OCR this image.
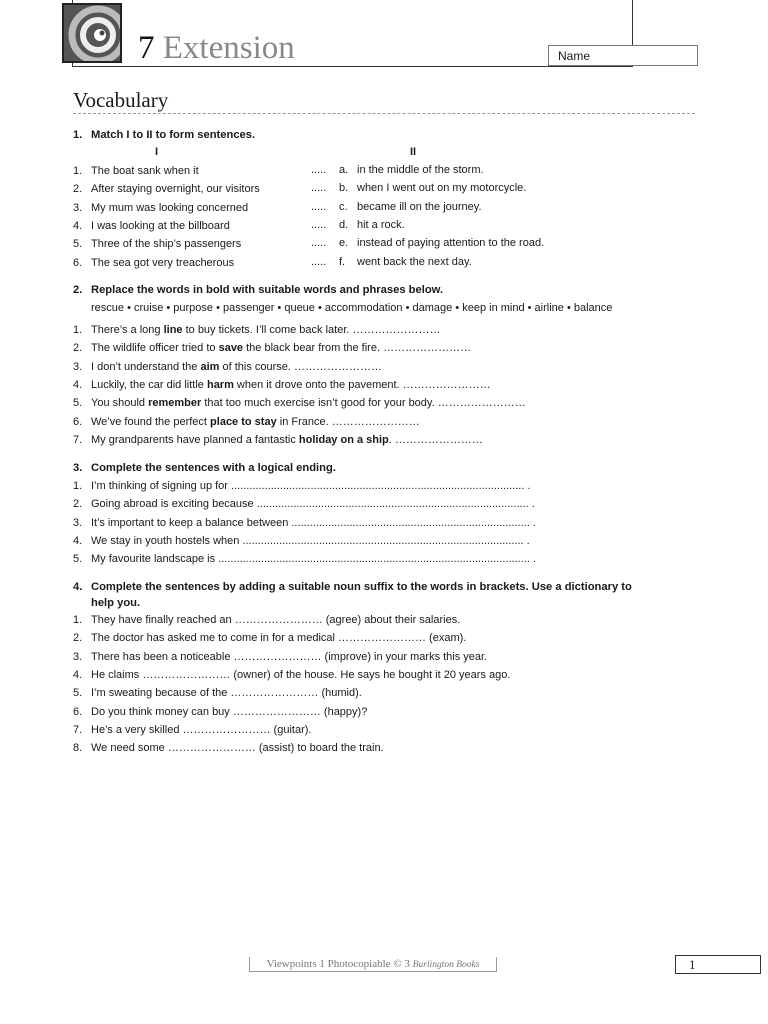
7 Extension	Name
Vocabulary
1. Match I to II to form sentences.
I	II
1. The boat sank when it	..... a. in the middle of the storm.
2. After staying overnight, our visitors	..... b. when I went out on my motorcycle.
3. My mum was looking concerned	..... c. became ill on the journey.
4. I was looking at the billboard	..... d. hit a rock.
5. Three of the ship’s passengers	..... e. instead of paying attention to the road.
6. The sea got very treacherous	..... f. went back the next day.
2. Replace the words in bold with suitable words and phrases below.
rescue • cruise • purpose • passenger • queue • accommodation • damage • keep in mind • airline • balance
1. There’s a long line to buy tickets. I’ll come back later. ……………………
2. The wildlife officer tried to save the black bear from the fire. ……………………
3. I don’t understand the aim of this course. ……………………
4. Luckily, the car did little harm when it drove onto the pavement. ……………………
5. You should remember that too much exercise isn’t good for your body. ……………………
6. We’ve found the perfect place to stay in France. ……………………
7. My grandparents have planned a fantastic holiday on a ship. ……………………
3. Complete the sentences with a logical ending.
1. I’m thinking of signing up for ................................................................................................ .
2. Going abroad is exciting because ......................................................................................... .
3. It’s important to keep a balance between .............................................................................. .
4. We stay in youth hostels when ............................................................................................ .
5. My favourite landscape is ...................................................................................................... .
4. Complete the sentences by adding a suitable noun suffix to the words in brackets. Use a dictionary to help you.
1. They have finally reached an …………………… (agree) about their salaries.
2. The doctor has asked me to come in for a medical …………………… (exam).
3. There has been a noticeable …………………… (improve) in your marks this year.
4. He claims …………………… (owner) of the house. He says he bought it 20 years ago.
5. I’m sweating because of the …………………… (humid).
6. Do you think money can buy …………………… (happy)?
7. He’s a very skilled …………………… (guitar).
8. We need some …………………… (assist) to board the train.
Viewpoints 1 Photocopiable © 3 Burlington Books	1
